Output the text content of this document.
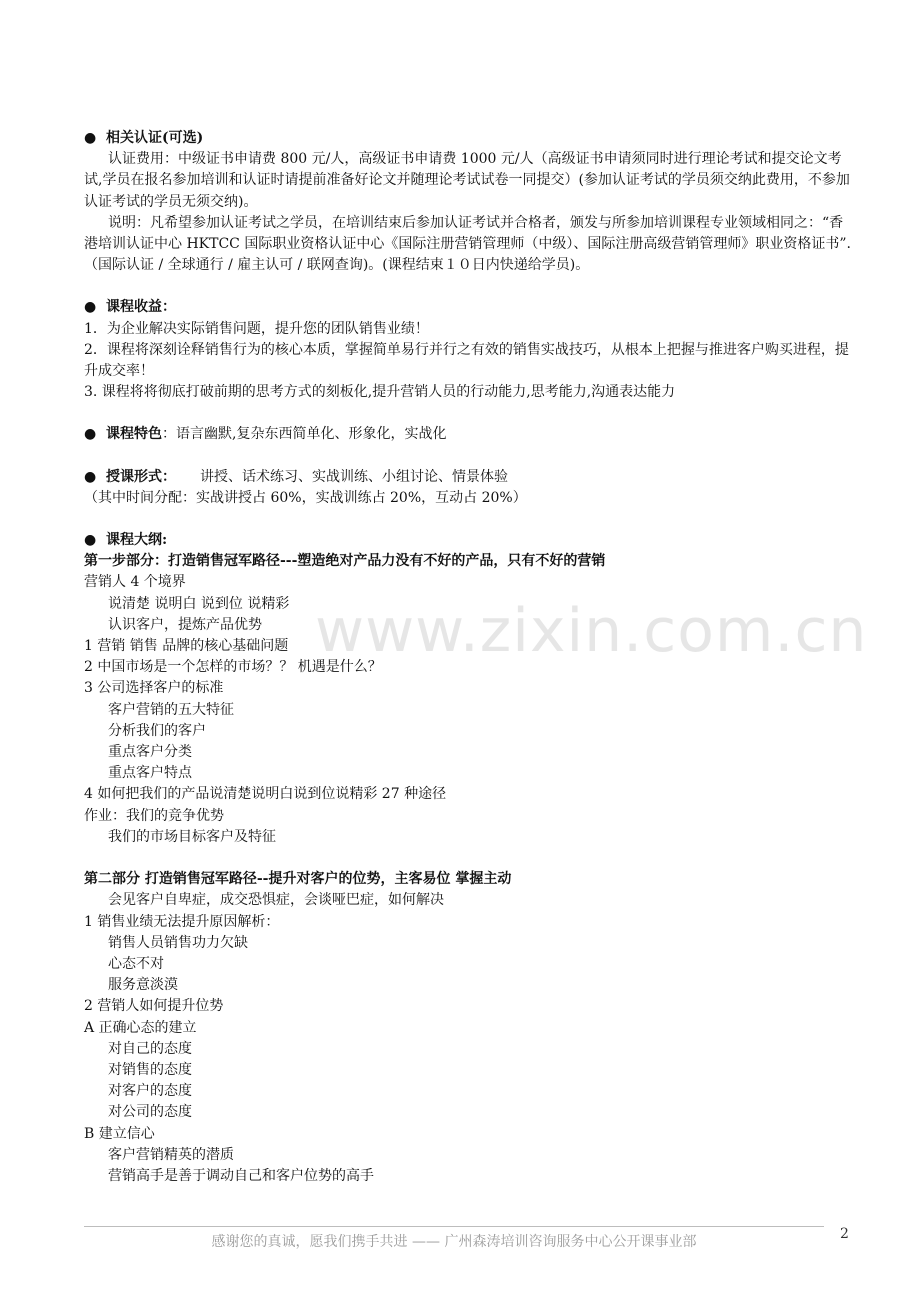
www.zixin.com.cn
● 相关认证(可选)
认证费用：中级证书申请费 800 元/人，高级证书申请费 1000 元/人（高级证书申请须同时进行理论考试和提交论文考试,学员在报名参加培训和认证时请提前准备好论文并随理论考试试卷一同提交）(参加认证考试的学员须交纳此费用，不参加认证考试的学员无须交纳)。
说明：凡希望参加认证考试之学员，在培训结束后参加认证考试并合格者，颁发与所参加培训课程专业领域相同之：“香港培训认证中心 HKTCC 国际职业资格认证中心《国际注册营销管理师（中级）、国际注册高级营销管理师》职业资格证书”.（国际认证 / 全球通行 / 雇主认可 / 联网查询)。(课程结束１０日内快递给学员)。
● 课程收益：
1．为企业解决实际销售问题，提升您的团队销售业绩！
2．课程将深刻诠释销售行为的核心本质，掌握简单易行并行之有效的销售实战技巧，从根本上把握与推进客户购买进程，提升成交率！
3. 课程将将彻底打破前期的思考方式的刻板化,提升营销人员的行动能力,思考能力,沟通表达能力
● 课程特色：语言幽默,复杂东西简单化、形象化，实战化
● 授课形式： 讲授、话术练习、实战训练、小组讨论、情景体验
（其中时间分配：实战讲授占 60%，实战训练占 20%，互动占 20%）
● 课程大纲:
第一步部分：打造销售冠军路径---塑造绝对产品力没有不好的产品，只有不好的营销
营销人 4 个境界
说清楚 说明白 说到位 说精彩
认识客户，提炼产品优势
1 营销 销售 品牌的核心基础问题
2 中国市场是一个怎样的市场？？ 机遇是什么？
3 公司选择客户的标准
客户营销的五大特征
分析我们的客户
重点客户分类
重点客户特点
4 如何把我们的产品说清楚说明白说到位说精彩 27 种途径
作业：我们的竞争优势
我们的市场目标客户及特征
第二部分 打造销售冠军路径--提升对客户的位势，主客易位 掌握主动
会见客户自卑症，成交恐惧症，会谈哑巴症，如何解决
1 销售业绩无法提升原因解析：
销售人员销售功力欠缺
心态不对
服务意淡漠
2 营销人如何提升位势
A 正确心态的建立
对自己的态度
对销售的态度
对客户的态度
对公司的态度
B 建立信心
客户营销精英的潜质
营销高手是善于调动自己和客户位势的高手
感谢您的真诚，愿我们携手共进 —— 广州森涛培训咨询服务中心公开课事业部	2
